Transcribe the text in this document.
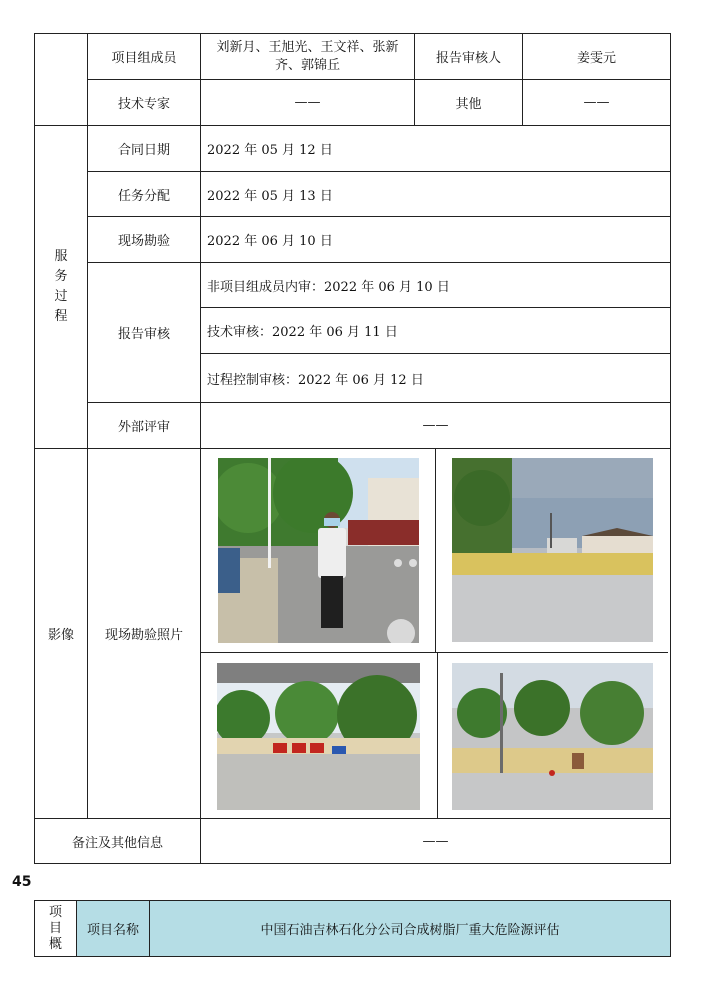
	项目组成员	刘新月、王旭光、王文祥、张新
齐、郭锦丘	报告审核人	姜雯元
	技术专家	——	其他	——

服
务
过
程	合同日期	2022 年 05 月 12 日		
	任务分配	2022 年 05 月 13 日		
	现场勘验	2022 年 06 月 10 日		
	报告审核	非项目组成员内审：2022 年 06 月 10 日		
		技术审核：2022 年 06 月 11 日		
		过程控制审核：2022 年 06 月 12 日		
	外部评审	——		
影像	现场勘验照片	

备注及其他信息		——		
45
项
目
概
	项目名称	中国石油吉林石化分公司合成树脂厂重大危险源评估
